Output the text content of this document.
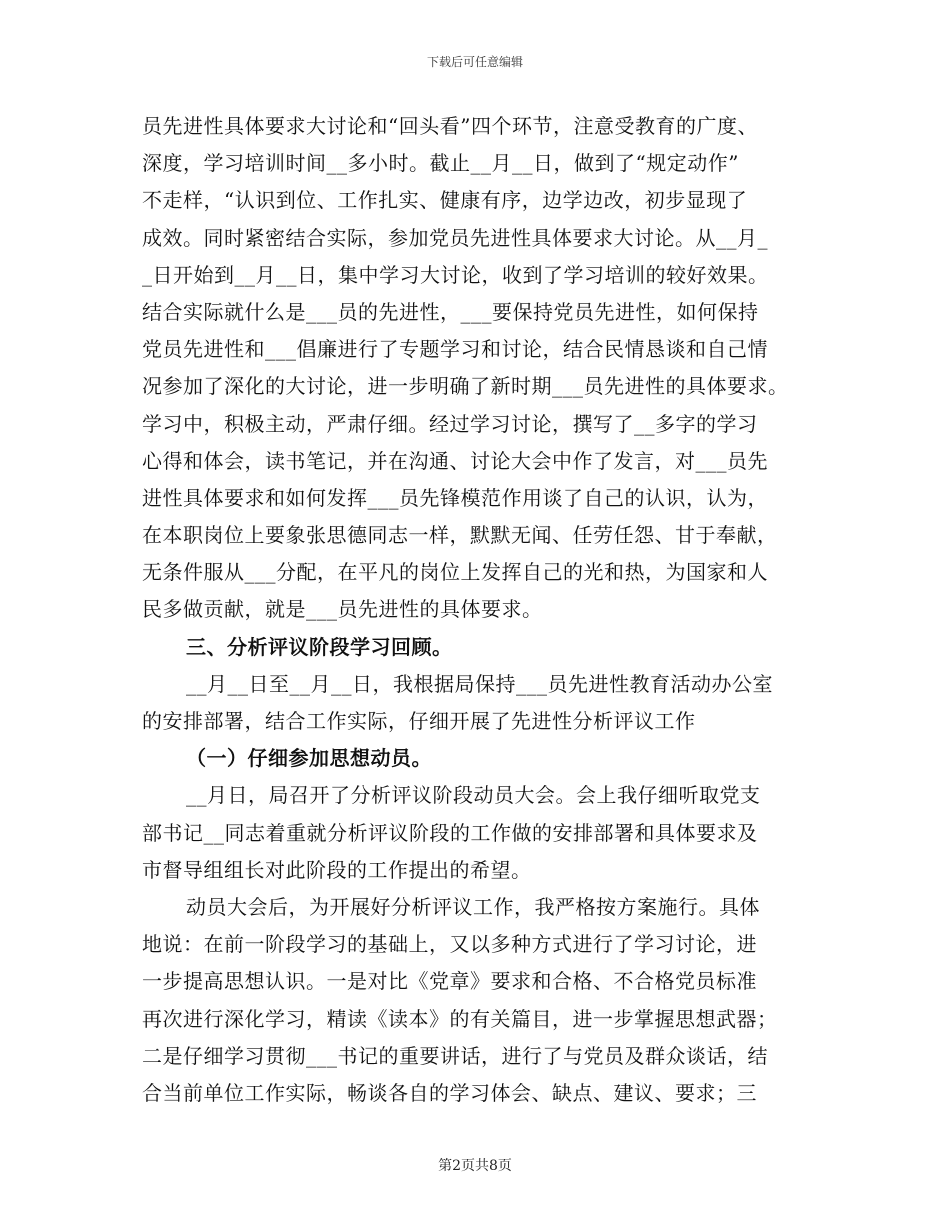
下载后可任意编辑
员先进性具体要求大讨论和“回头看”四个环节，注意受教育的广度、
深度，学习培训时间__多小时。截止__月__日，做到了“规定动作”
不走样，“认识到位、工作扎实、健康有序，边学边改，初步显现了
成效。同时紧密结合实际，参加党员先进性具体要求大讨论。从__月_
_日开始到__月__日，集中学习大讨论，收到了学习培训的较好效果。
结合实际就什么是___员的先进性，___要保持党员先进性，如何保持
党员先进性和___倡廉进行了专题学习和讨论，结合民情恳谈和自己情
况参加了深化的大讨论，进一步明确了新时期___员先进性的具体要求。
学习中，积极主动，严肃仔细。经过学习讨论，撰写了__多字的学习
心得和体会，读书笔记，并在沟通、讨论大会中作了发言，对___员先
进性具体要求和如何发挥___员先锋模范作用谈了自己的认识，认为，
在本职岗位上要象张思德同志一样，默默无闻、任劳任怨、甘于奉献，
无条件服从___分配，在平凡的岗位上发挥自己的光和热，为国家和人
民多做贡献，就是___员先进性的具体要求。
三、分析评议阶段学习回顾。
__月__日至__月__日，我根据局保持___员先进性教育活动办公室
的安排部署，结合工作实际，仔细开展了先进性分析评议工作
（一）仔细参加思想动员。
__月日，局召开了分析评议阶段动员大会。会上我仔细听取党支
部书记__同志着重就分析评议阶段的工作做的安排部署和具体要求及
市督导组组长对此阶段的工作提出的希望。
动员大会后，为开展好分析评议工作，我严格按方案施行。具体
地说：在前一阶段学习的基础上，又以多种方式进行了学习讨论，进
一步提高思想认识。一是对比《党章》要求和合格、不合格党员标准
再次进行深化学习，精读《读本》的有关篇目，进一步掌握思想武器；
二是仔细学习贯彻___书记的重要讲话，进行了与党员及群众谈话，结
合当前单位工作实际，畅谈各自的学习体会、缺点、建议、要求；三
第2页共8页
